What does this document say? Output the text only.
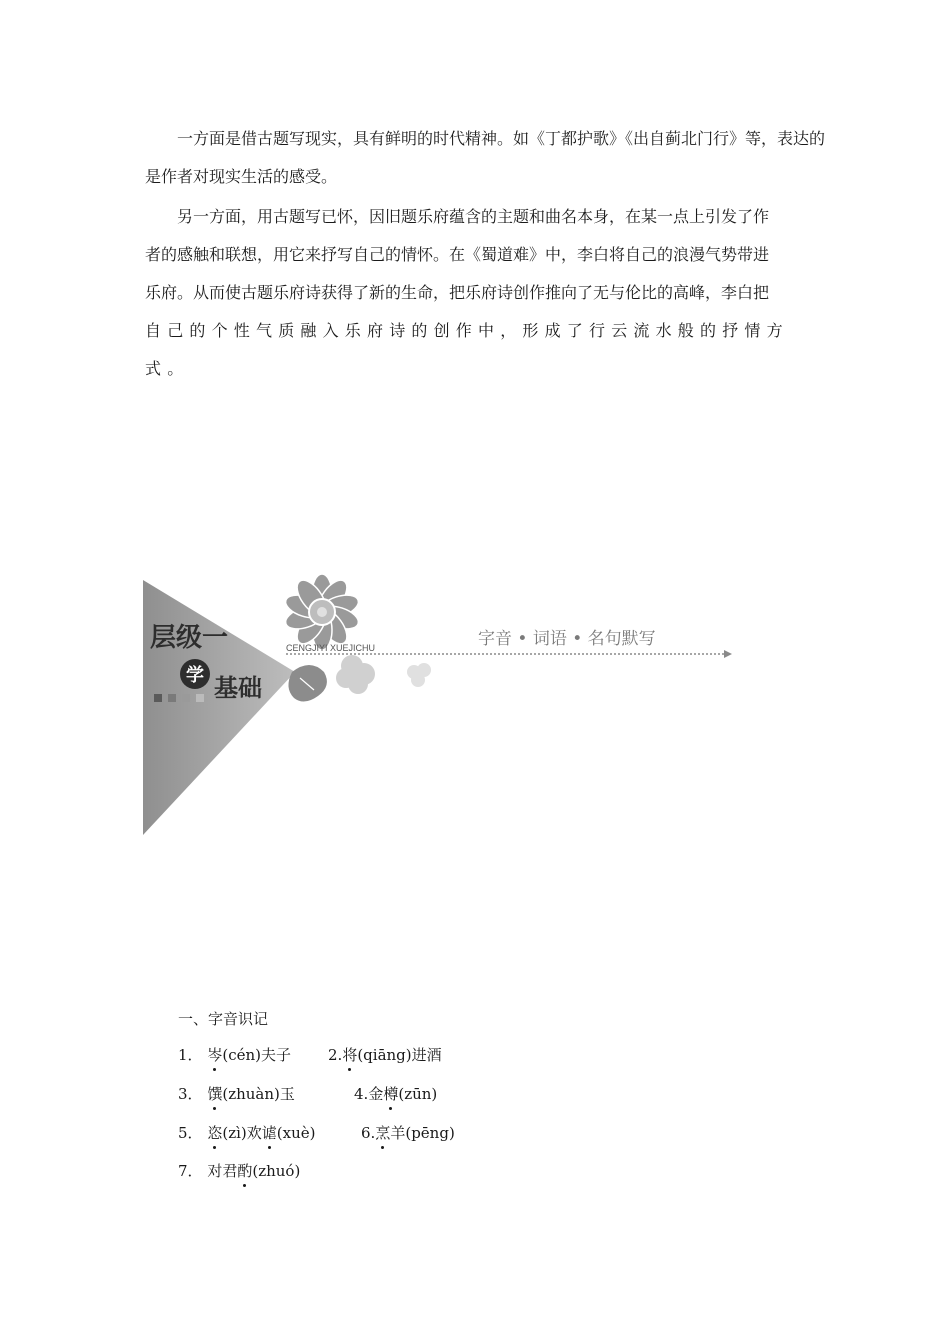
一方面是借古题写现实，具有鲜明的时代精神。如《丁都护歌》《出自蓟北门行》等，表达的是作者对现实生活的感受。

另一方面，用古题写已怀，因旧题乐府蕴含的主题和曲名本身，在某一点上引发了作
者的感触和联想，用它来抒写自己的情怀。在《蜀道难》中，李白将自己的浪漫气势带进
乐府。从而使古题乐府诗获得了新的生命，把乐府诗创作推向了无与伦比的高峰，李白把
自己的个性气质融入乐府诗的创作中，形成了行云流水般的抒情方式。
层级一
学 基础
CENGJIYI XUEJICHU	字音 • 词语 • 名句默写
一、字音识记
1． 岑(cén)夫子 2.将(qiāng)进酒
3． 馔(zhuàn)玉	4.金樽(zūn)
5． 恣(zì)欢谑(xuè)	6.烹羊(pēng)
7． 对君酌(zhuó)
